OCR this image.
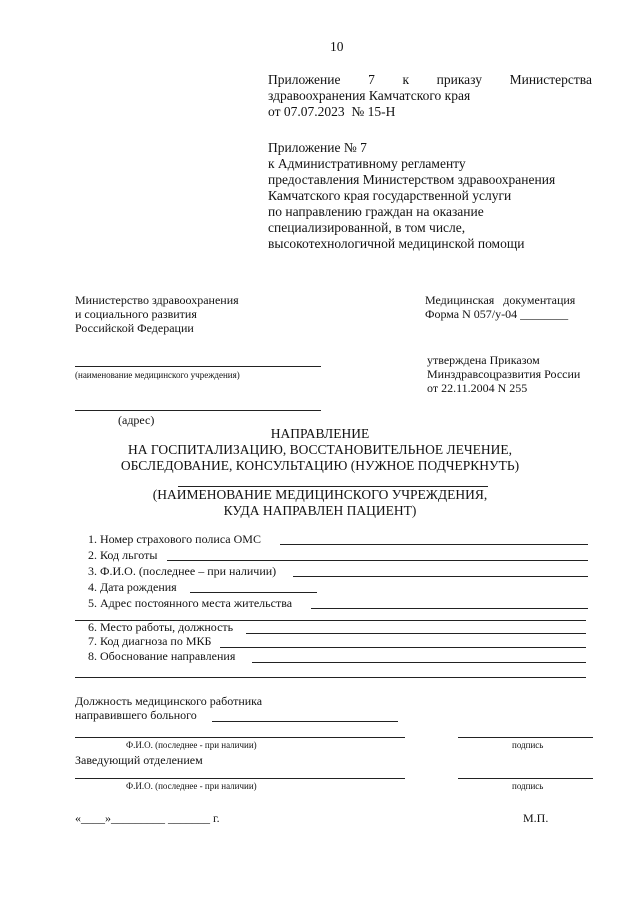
10
Приложение 7 к приказу Министерства
здравоохранения Камчатского края
от 07.07.2023  № 15-Н
Приложение № 7
к Административному регламенту
предоставления Министерством здравоохранения
Камчатского края государственной услуги
по направлению граждан на оказание
специализированной, в том числе,
высокотехнологичной медицинской помощи
Министерство здравоохранения
и социального развития
Российской Федерации
Медицинская   документация
Форма N 057/у-04 ________
(наименование медицинского учреждения)
утверждена Приказом
Минздравсоцразвития России
от 22.11.2004 N 255
(адрес)
НАПРАВЛЕНИЕ
НА ГОСПИТАЛИЗАЦИЮ, ВОССТАНОВИТЕЛЬНОЕ ЛЕЧЕНИЕ,
ОБСЛЕДОВАНИЕ, КОНСУЛЬТАЦИЮ (НУЖНОЕ ПОДЧЕРКНУТЬ)
(НАИМЕНОВАНИЕ МЕДИЦИНСКОГО УЧРЕЖДЕНИЯ,
КУДА НАПРАВЛЕН ПАЦИЕНТ)
1. Номер страхового полиса ОМС
2. Код льготы
3. Ф.И.О. (последнее – при наличии)
4. Дата рождения
5. Адрес постоянного места жительства
6. Место работы, должность
7. Код диагноза по МКБ
8. Обоснование направления
Должность медицинского работника
направившего больного
Ф.И.О. (последнее - при наличии)	подпись
Заведующий отделением
Ф.И.О. (последнее - при наличии)	подпись
«____»_________ _______ г.	М.П.
